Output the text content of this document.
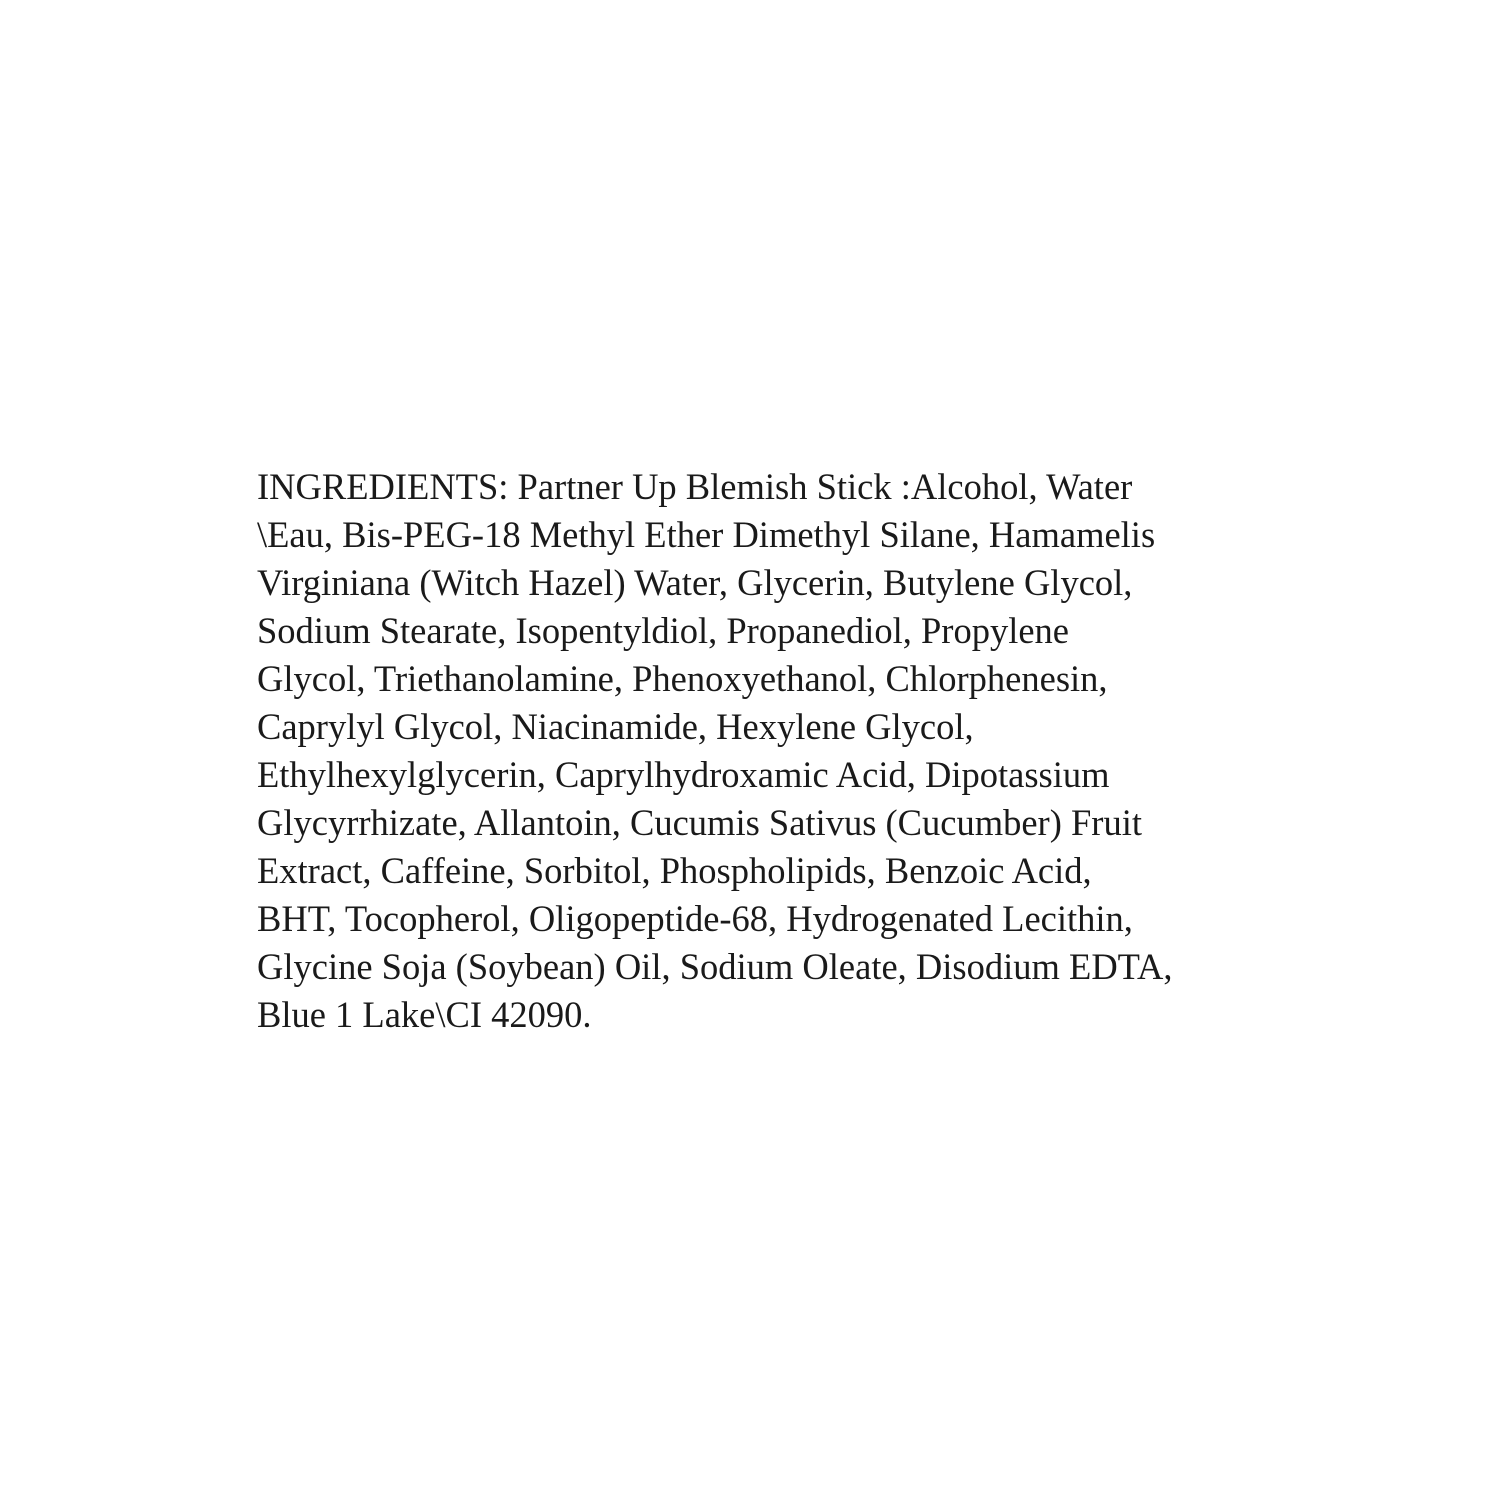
INGREDIENTS: Partner Up Blemish Stick :Alcohol, Water
\Eau, Bis-PEG-18 Methyl Ether Dimethyl Silane, Hamamelis
Virginiana (Witch Hazel) Water, Glycerin, Butylene Glycol,
Sodium Stearate, Isopentyldiol, Propanediol, Propylene
Glycol, Triethanolamine, Phenoxyethanol, Chlorphenesin,
Caprylyl Glycol, Niacinamide, Hexylene Glycol,
Ethylhexylglycerin, Caprylhydroxamic Acid, Dipotassium
Glycyrrhizate, Allantoin, Cucumis Sativus (Cucumber) Fruit
Extract, Caffeine, Sorbitol, Phospholipids, Benzoic Acid,
BHT, Tocopherol, Oligopeptide-68, Hydrogenated Lecithin,
Glycine Soja (Soybean) Oil, Sodium Oleate, Disodium EDTA,
Blue 1 Lake\CI 42090.
